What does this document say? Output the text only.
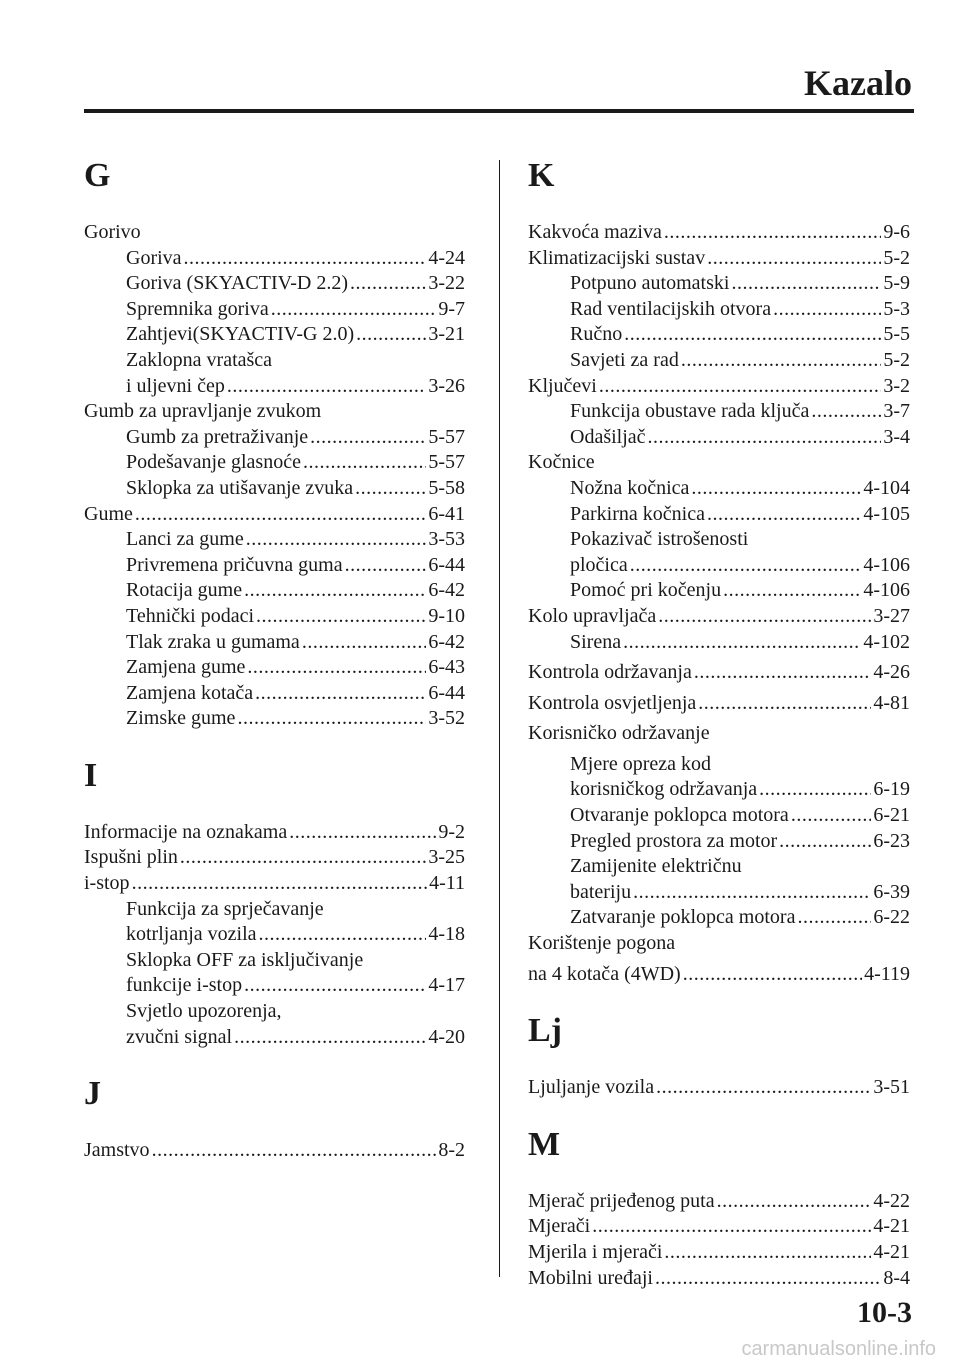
Kazalo
G
Gorivo
Goriva .....	4-24
Goriva (SKYACTIV-D 2.2) .....	3-22
Spremnika goriva .....	9-7
Zahtjevi(SKYACTIV-G 2.0) .....	3-21
Zaklopna vratašca
i uljevni čep .....	3-26
Gumb za upravljanje zvukom
Gumb za pretraživanje .....	5-57
Podešavanje glasnoće .....	5-57
Sklopka za utišavanje zvuka .....	5-58
Gume .....	6-41
Lanci za gume .....	3-53
Privremena pričuvna guma .....	6-44
Rotacija gume .....	6-42
Tehnički podaci .....	9-10
Tlak zraka u gumama .....	6-42
Zamjena gume .....	6-43
Zamjena kotača .....	6-44
Zimske gume .....	3-52
I
Informacije na oznakama .....	9-2
Ispušni plin .....	3-25
i-stop .....	4-11
Funkcija za sprječavanje
kotrljanja vozila .....	4-18
Sklopka OFF za isključivanje
funkcije i-stop .....	4-17
Svjetlo upozorenja,
zvučni signal .....	4-20
J
Jamstvo .....	8-2
K
Kakvoća maziva .....	9-6
Klimatizacijski sustav .....	5-2
Potpuno automatski .....	5-9
Rad ventilacijskih otvora .....	5-3
Ručno .....	5-5
Savjeti za rad .....	5-2
Ključevi .....	3-2
Funkcija obustave rada ključa .....	3-7
Odašiljač .....	3-4
Kočnice
Nožna kočnica .....	4-104
Parkirna kočnica .....	4-105
Pokazivač istrošenosti
pločica .....	4-106
Pomoć pri kočenju .....	4-106
Kolo upravljača .....	3-27
Sirena .....	4-102
Kontrola održavanja .....	4-26
Kontrola osvjetljenja .....	4-81
Korisničko održavanje
Mjere opreza kod
korisničkog održavanja .....	6-19
Otvaranje poklopca motora .....	6-21
Pregled prostora za motor .....	6-23
Zamijenite električnu
bateriju .....	6-39
Zatvaranje poklopca motora .....	6-22
Korištenje pogona
na 4 kotača (4WD) .....	4-119
Lj
Ljuljanje vozila .....	3-51
M
Mjerač prijeđenog puta .....	4-22
Mjerači .....	4-21
Mjerila i mjerači .....	4-21
Mobilni uređaji .....	8-4
10-3
carmanualsonline.info
